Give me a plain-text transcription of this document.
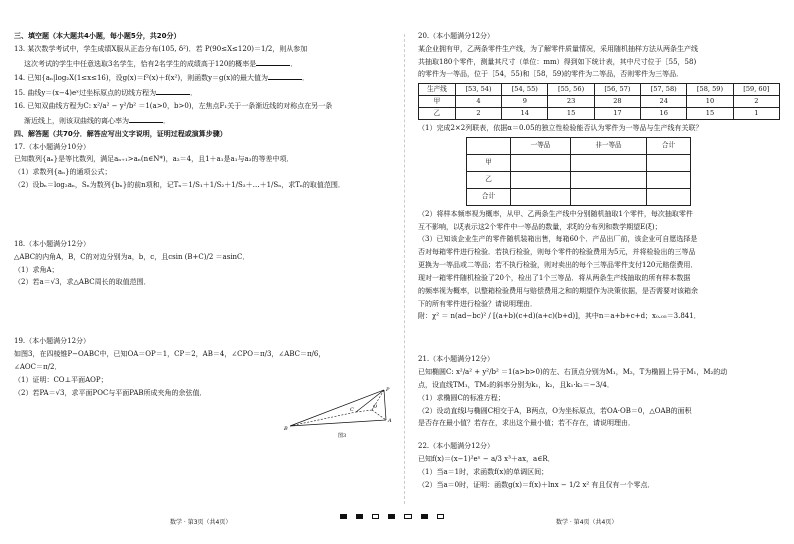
三、填空题（本大题共4小题，每小题5分，共20分）
13. 某次数学考试中，学生成绩X服从正态分布(105, δ²)．若 P(90≤X≤120)＝1/2，则从参加
这次考试的学生中任意选取3名学生，恰有2名学生的成绩高于120的概率是	．
14. 已知{aₙ|log₂X(1≤x≤16)，设g(x)＝f²(x)＋f(x²)，则函数y＝g(x)的最大值为	．
15. 曲线y＝(x−4)eˣ过坐标原点的切线方程为	．
16. 已知双曲线方程为C: x²/a² − y²/b² ＝1(a>0，b>0)，左焦点F₁关于一条渐近线的对称点在另一条
渐近线上，则该双曲线的离心率为	．
四、解答题（共70分．解答应写出文字说明，证明过程或演算步骤）
17.（本小题满分10分）
已知数列{aₙ}是等比数列，满足aₙ₊₁>aₙ(n∈N*)，a₂＝4，且1＋a₁是a₁与a₃的等差中项．
（1）求数列{aₙ}的通项公式；
（2）设bₙ＝log₂aₙ，Sₙ为数列{bₙ}的前n项和，记Tₙ＝1/S₁＋1/S₂＋1/S₃＋…＋1/Sₙ，求Tₙ的取值范围．
18.（本小题满分12分）
△ABC的内角A，B，C的对边分别为a，b，c，且csin (B+C)/2 ＝asinC．
（1）求角A；
（2）若a＝√3，求△ABC周长的取值范围．
19.（本小题满分12分）
如图3，在四棱锥P−OABC中，已知OA＝OP＝1，CP＝2，AB＝4，∠CPO＝π/3，∠ABC＝π/6，
∠AOC＝π/2．
（1）证明：CO⊥平面AOP；
（2）若PA＝√3，求平面POC与平面PAB所成夹角的余弦值．
20.（本小题满分12分）
某企业拥有甲，乙两条零件生产线，为了解零件质量情况，采用随机抽样方法从两条生产线
共抽取180个零件，测量其尺寸（单位：mm）得到如下统计表，其中尺寸位于［55，58)
的零件为一等品，位于［54，55)和［58，59)的零件为二等品，否则零件为三等品．
生产线	[53, 54)	[54, 55)	[55, 56)	[56, 57)	[57, 58)	[58, 59)	[59, 60]
甲	4	9	23	28	24	10	2
乙	2	14	15	17	16	15	1
（1）完成2×2列联表，依据α＝0.05的独立性检验能否认为零件为一等品与生产线有关联？
	一等品	非一等品	合计
甲			
乙			
合计			
（2）将样本频率视为概率，从甲、乙两条生产线中分别随机抽取1个零件，每次抽取零件
互不影响，以ξ表示这2个零件中一等品的数量，求ξ的分布列和数学期望E(ξ)；
（3）已知该企业生产的零件随机装箱出售，每箱60个．产品出厂前，该企业可自愿选择是
否对每箱零件进行检验．若执行检验，则每个零件的检验费用为5元，并将检验出的三等品
更换为一等品或二等品；若不执行检验，则对卖出的每个三等品零件支付120元赔偿费用．
现对一箱零件随机检验了20个，检出了1个三等品．将从两条生产线抽取的所有样本数据
的频率视为概率，以整箱检验费用与赔偿费用之和的期望作为决策依据，是否需要对该箱余
下的所有零件进行检验？请说明理由．
附：χ² ＝ n(ad−bc)² / [(a+b)(c+d)(a+c)(b+d)]，其中n＝a+b+c+d；x₀.₀₅＝3.841．
21.（本小题满分12分）
已知椭圆C: x²/a² + y²/b² ＝1(a>b>0)的左、右顶点分别为M₁，M₂，T为椭圆上异于M₁，M₂的动
点，设直线TM₁，TM₂的斜率分别为k₁，k₂，且k₁·k₂＝−3/4．
（1）求椭圆C的标准方程；
（2）设动直线l与椭圆C相交于A，B两点，O为坐标原点，若OA·OB＝0，△OAB的面积
是否存在最小值？若存在，求出这个最小值；若不存在，请说明理由．
22.（本小题满分12分）
已知f(x)＝(x−1)²eˣ − a/3 x³＋ax，a∈R．
（1）当a＝1时，求函数f(x)的单调区间；
（2）当a＝0时，证明：函数g(x)＝f(x)＋lnx − 1/2 x² 有且仅有一个零点．
P
B
C	O
A
图3
数学 · 第3页（共4页）	数学 · 第4页（共4页）
